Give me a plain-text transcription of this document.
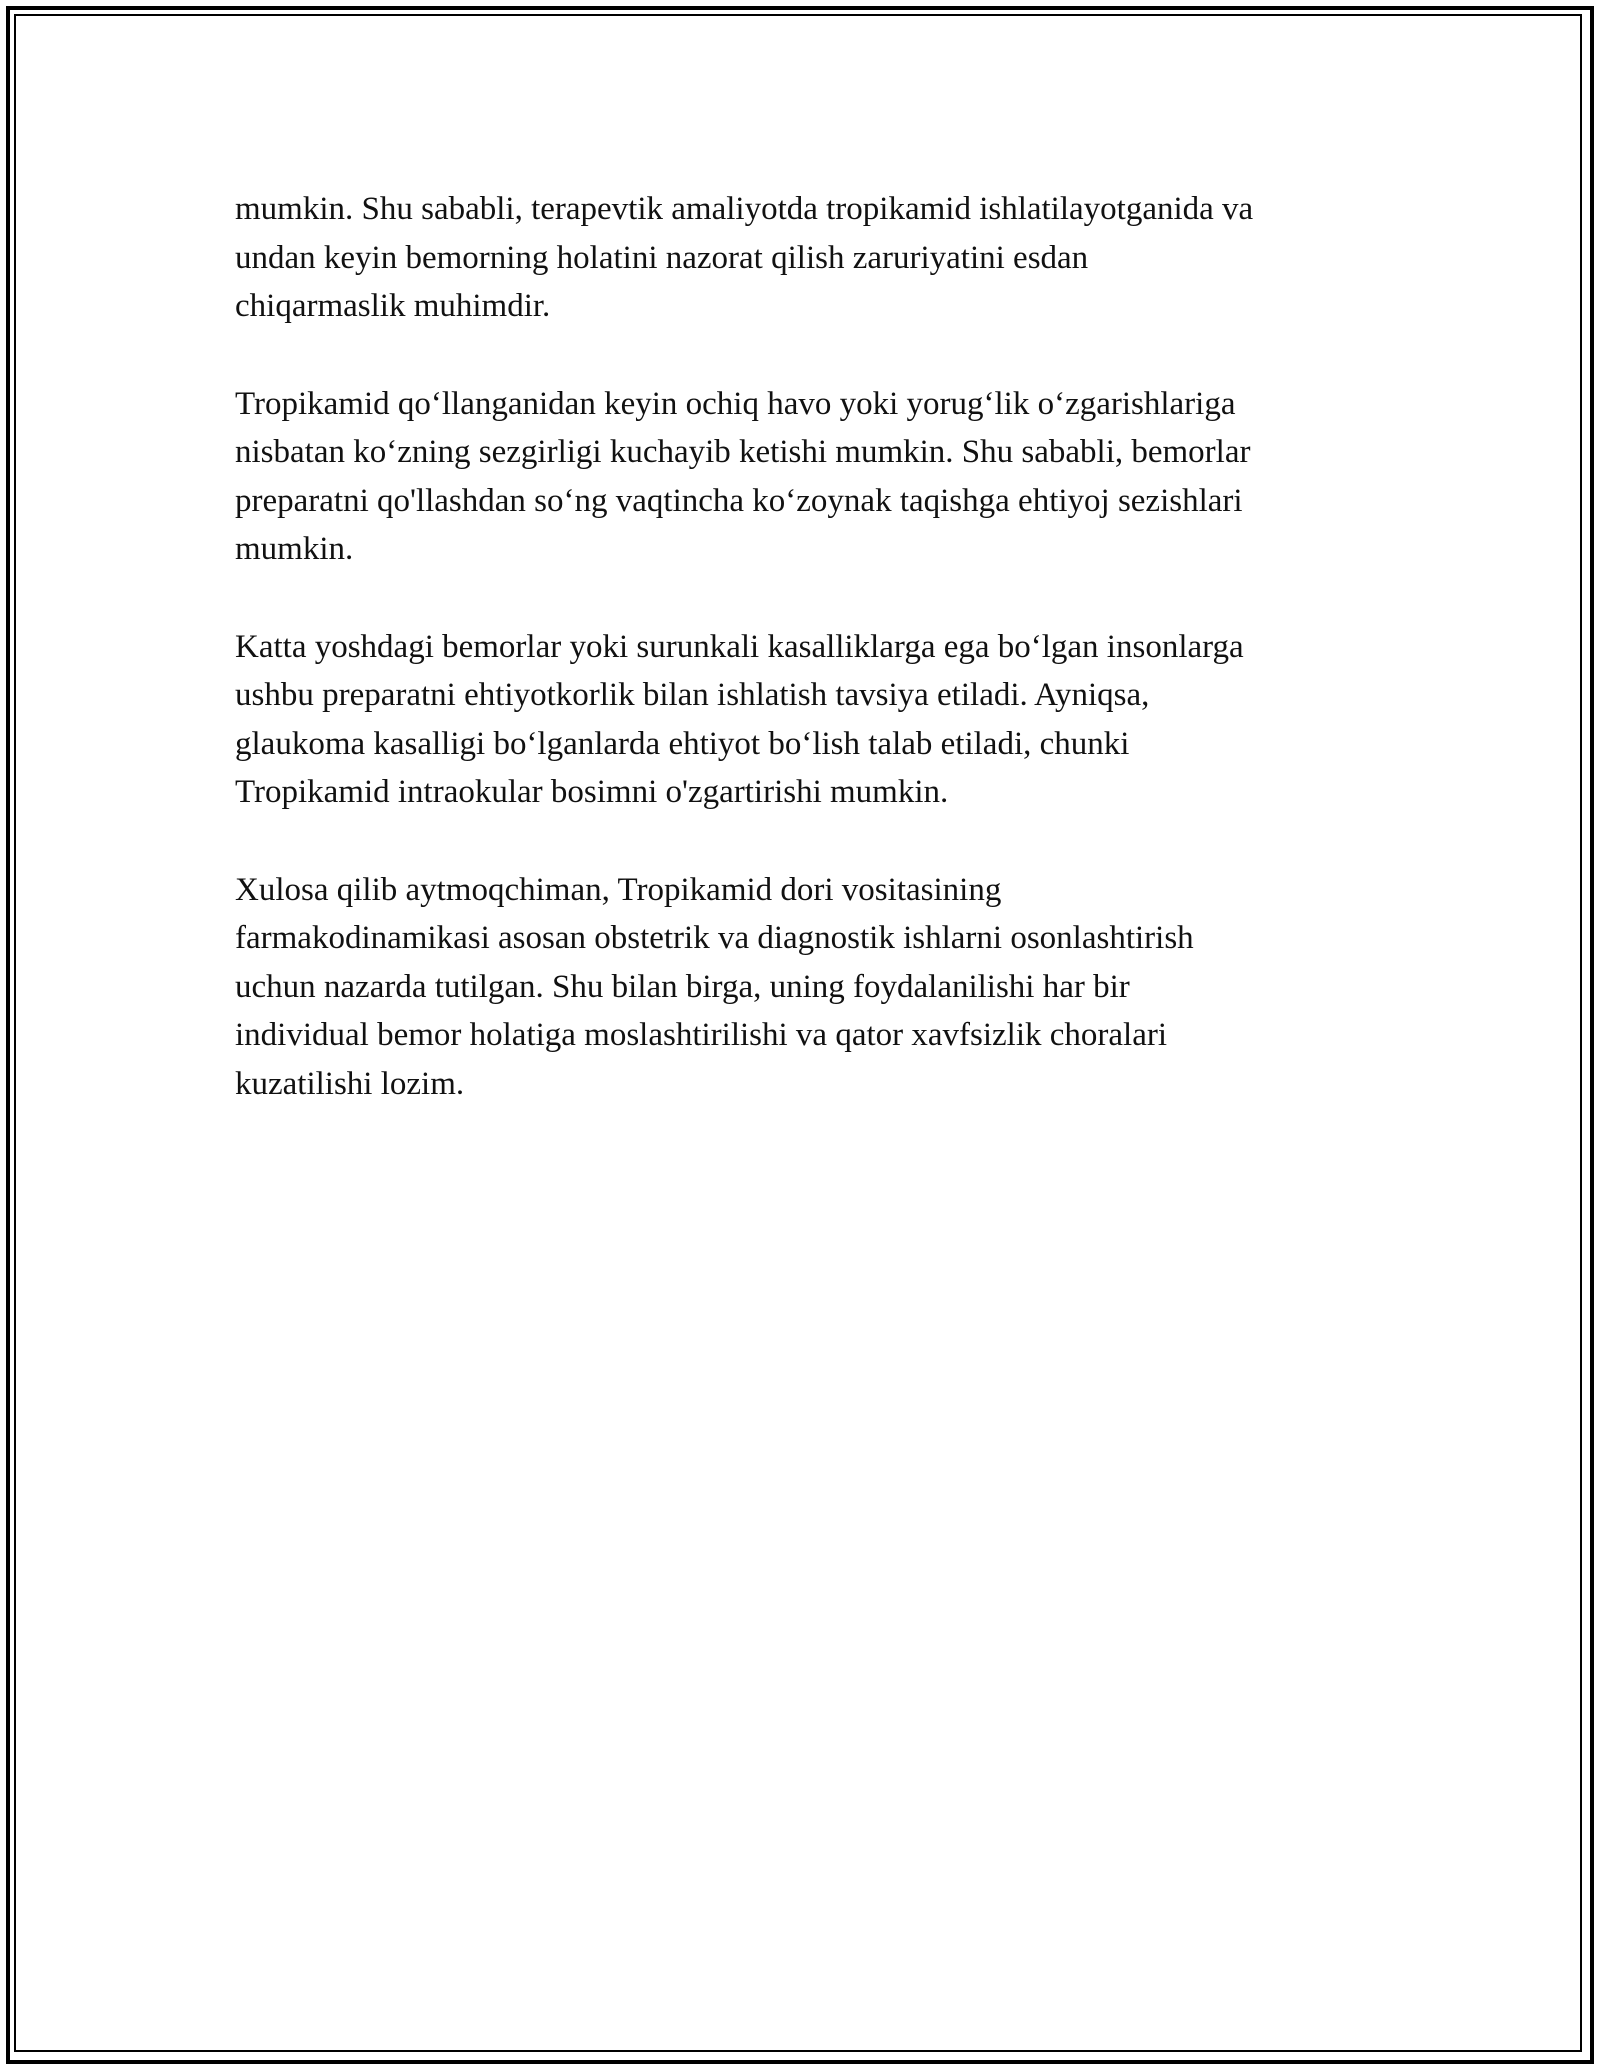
mumkin. Shu sababli, terapevtik amaliyotda tropikamid ishlatilayotganida va
undan keyin bemorning holatini nazorat qilish zaruriyatini esdan
chiqarmaslik muhimdir.

Tropikamid qo‘llanganidan keyin ochiq havo yoki yorug‘lik o‘zgarishlariga
nisbatan ko‘zning sezgirligi kuchayib ketishi mumkin. Shu sababli, bemorlar
preparatni qo'llashdan so‘ng vaqtincha ko‘zoynak taqishga ehtiyoj sezishlari
mumkin.

Katta yoshdagi bemorlar yoki surunkali kasalliklarga ega bo‘lgan insonlarga
ushbu preparatni ehtiyotkorlik bilan ishlatish tavsiya etiladi. Ayniqsa,
glaukoma kasalligi bo‘lganlarda ehtiyot bo‘lish talab etiladi, chunki
Tropikamid intraokular bosimni o'zgartirishi mumkin.

Xulosa qilib aytmoqchiman, Tropikamid dori vositasining
farmakodinamikasi asosan obstetrik va diagnostik ishlarni osonlashtirish
uchun nazarda tutilgan. Shu bilan birga, uning foydalanilishi har bir
individual bemor holatiga moslashtirilishi va qator xavfsizlik choralari
kuzatilishi lozim.
